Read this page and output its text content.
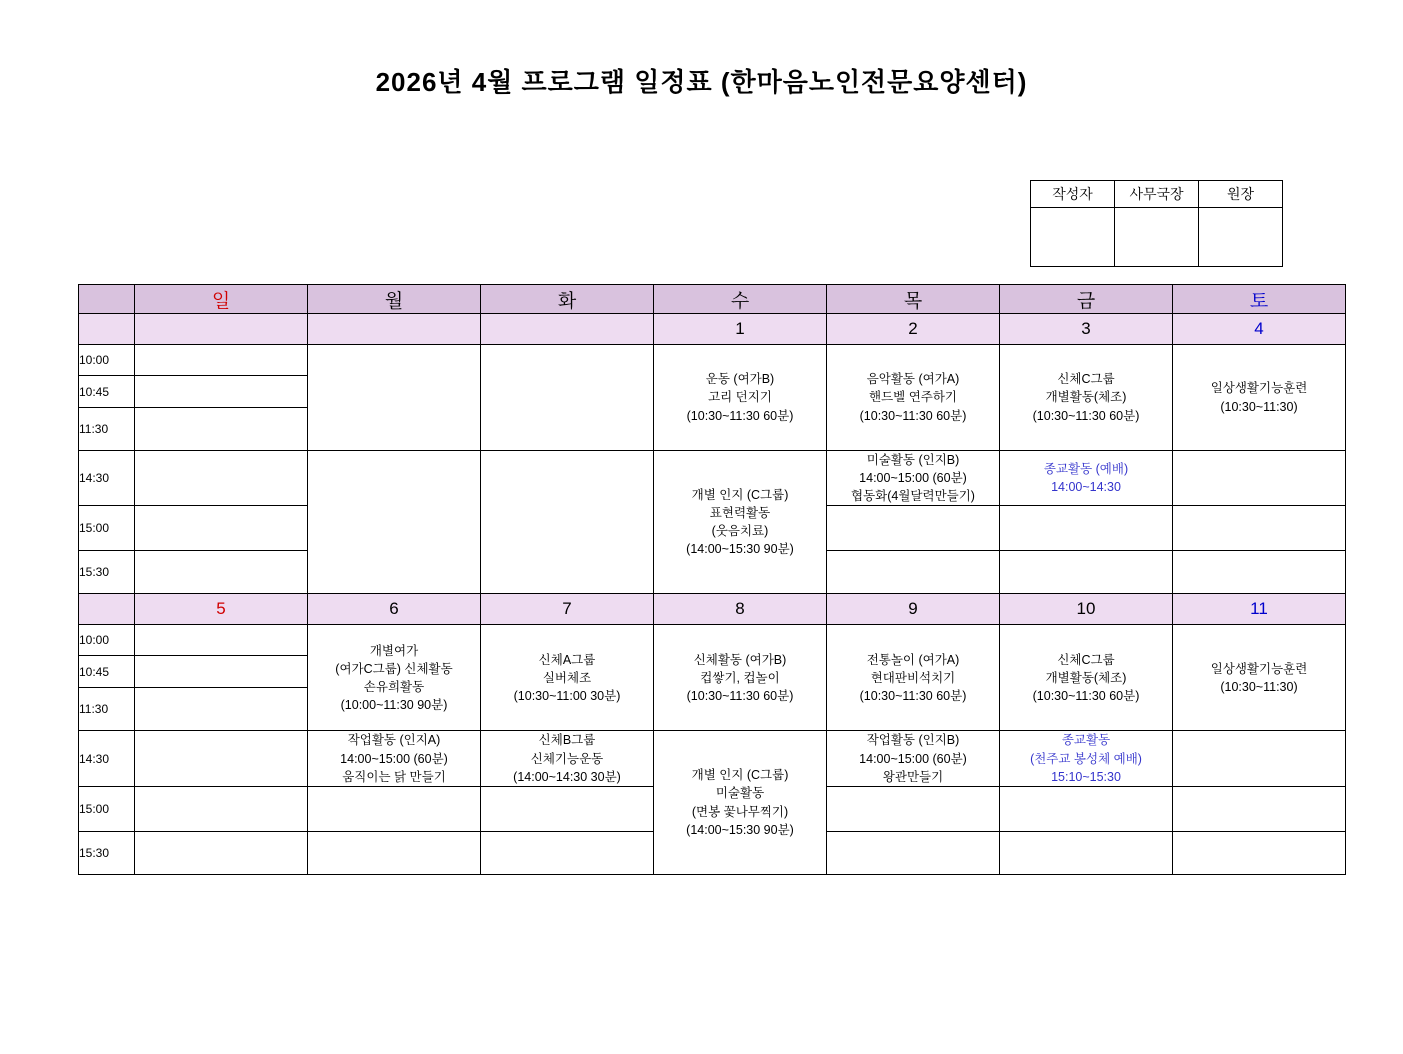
2026년 4월 프로그램 일정표 (한마음노인전문요양센터)
작성자	사무국장	원장

	일	월	화	수	목	금	토
				1	2	3	4
10:00				운동 (여가B)
고리 던지기
(10:30~11:30 60분)	음악활동 (여가A)
핸드벨 연주하기
(10:30~11:30 60분)	신체C그룹
개별활동(체조)
(10:30~11:30 60분)	일상생활기능훈련
(10:30~11:30)

10:45							
11:30							
14:30				개별 인지 (C그룹)
표현력활동
(웃음치료)
(14:00~15:30 90분)	미술활동 (인지B)
14:00~15:00 (60분)
협동화(4월달력만들기)	종교활동 (예배)
14:00~14:30	

15:00							
15:30							
	5	6	7	8	9	10	11
10:00		개별여가
(여가C그룹) 신체활동
손유희활동
(10:00~11:30 90분)	신체A그룹
실버체조
(10:30~11:00 30분)	신체활동 (여가B)
컵쌓기, 컵놀이
(10:30~11:30 60분)	전통놀이 (여가A)
현대판비석치기
(10:30~11:30 60분)	신체C그룹
개별활동(체조)
(10:30~11:30 60분)	일상생활기능훈련
(10:30~11:30)

10:45							
11:30							
14:30		작업활동 (인지A)
14:00~15:00 (60분)
움직이는 닭 만들기	신체B그룹
신체기능운동
(14:00~14:30 30분)	개별 인지 (C그룹)
미술활동
(면봉 꽃나무찍기)
(14:00~15:30 90분)	작업활동 (인지B)
14:00~15:00 (60분)
왕관만들기	종교활동
(천주교 봉성체 예배)
15:10~15:30	

15:00							
15:30							
